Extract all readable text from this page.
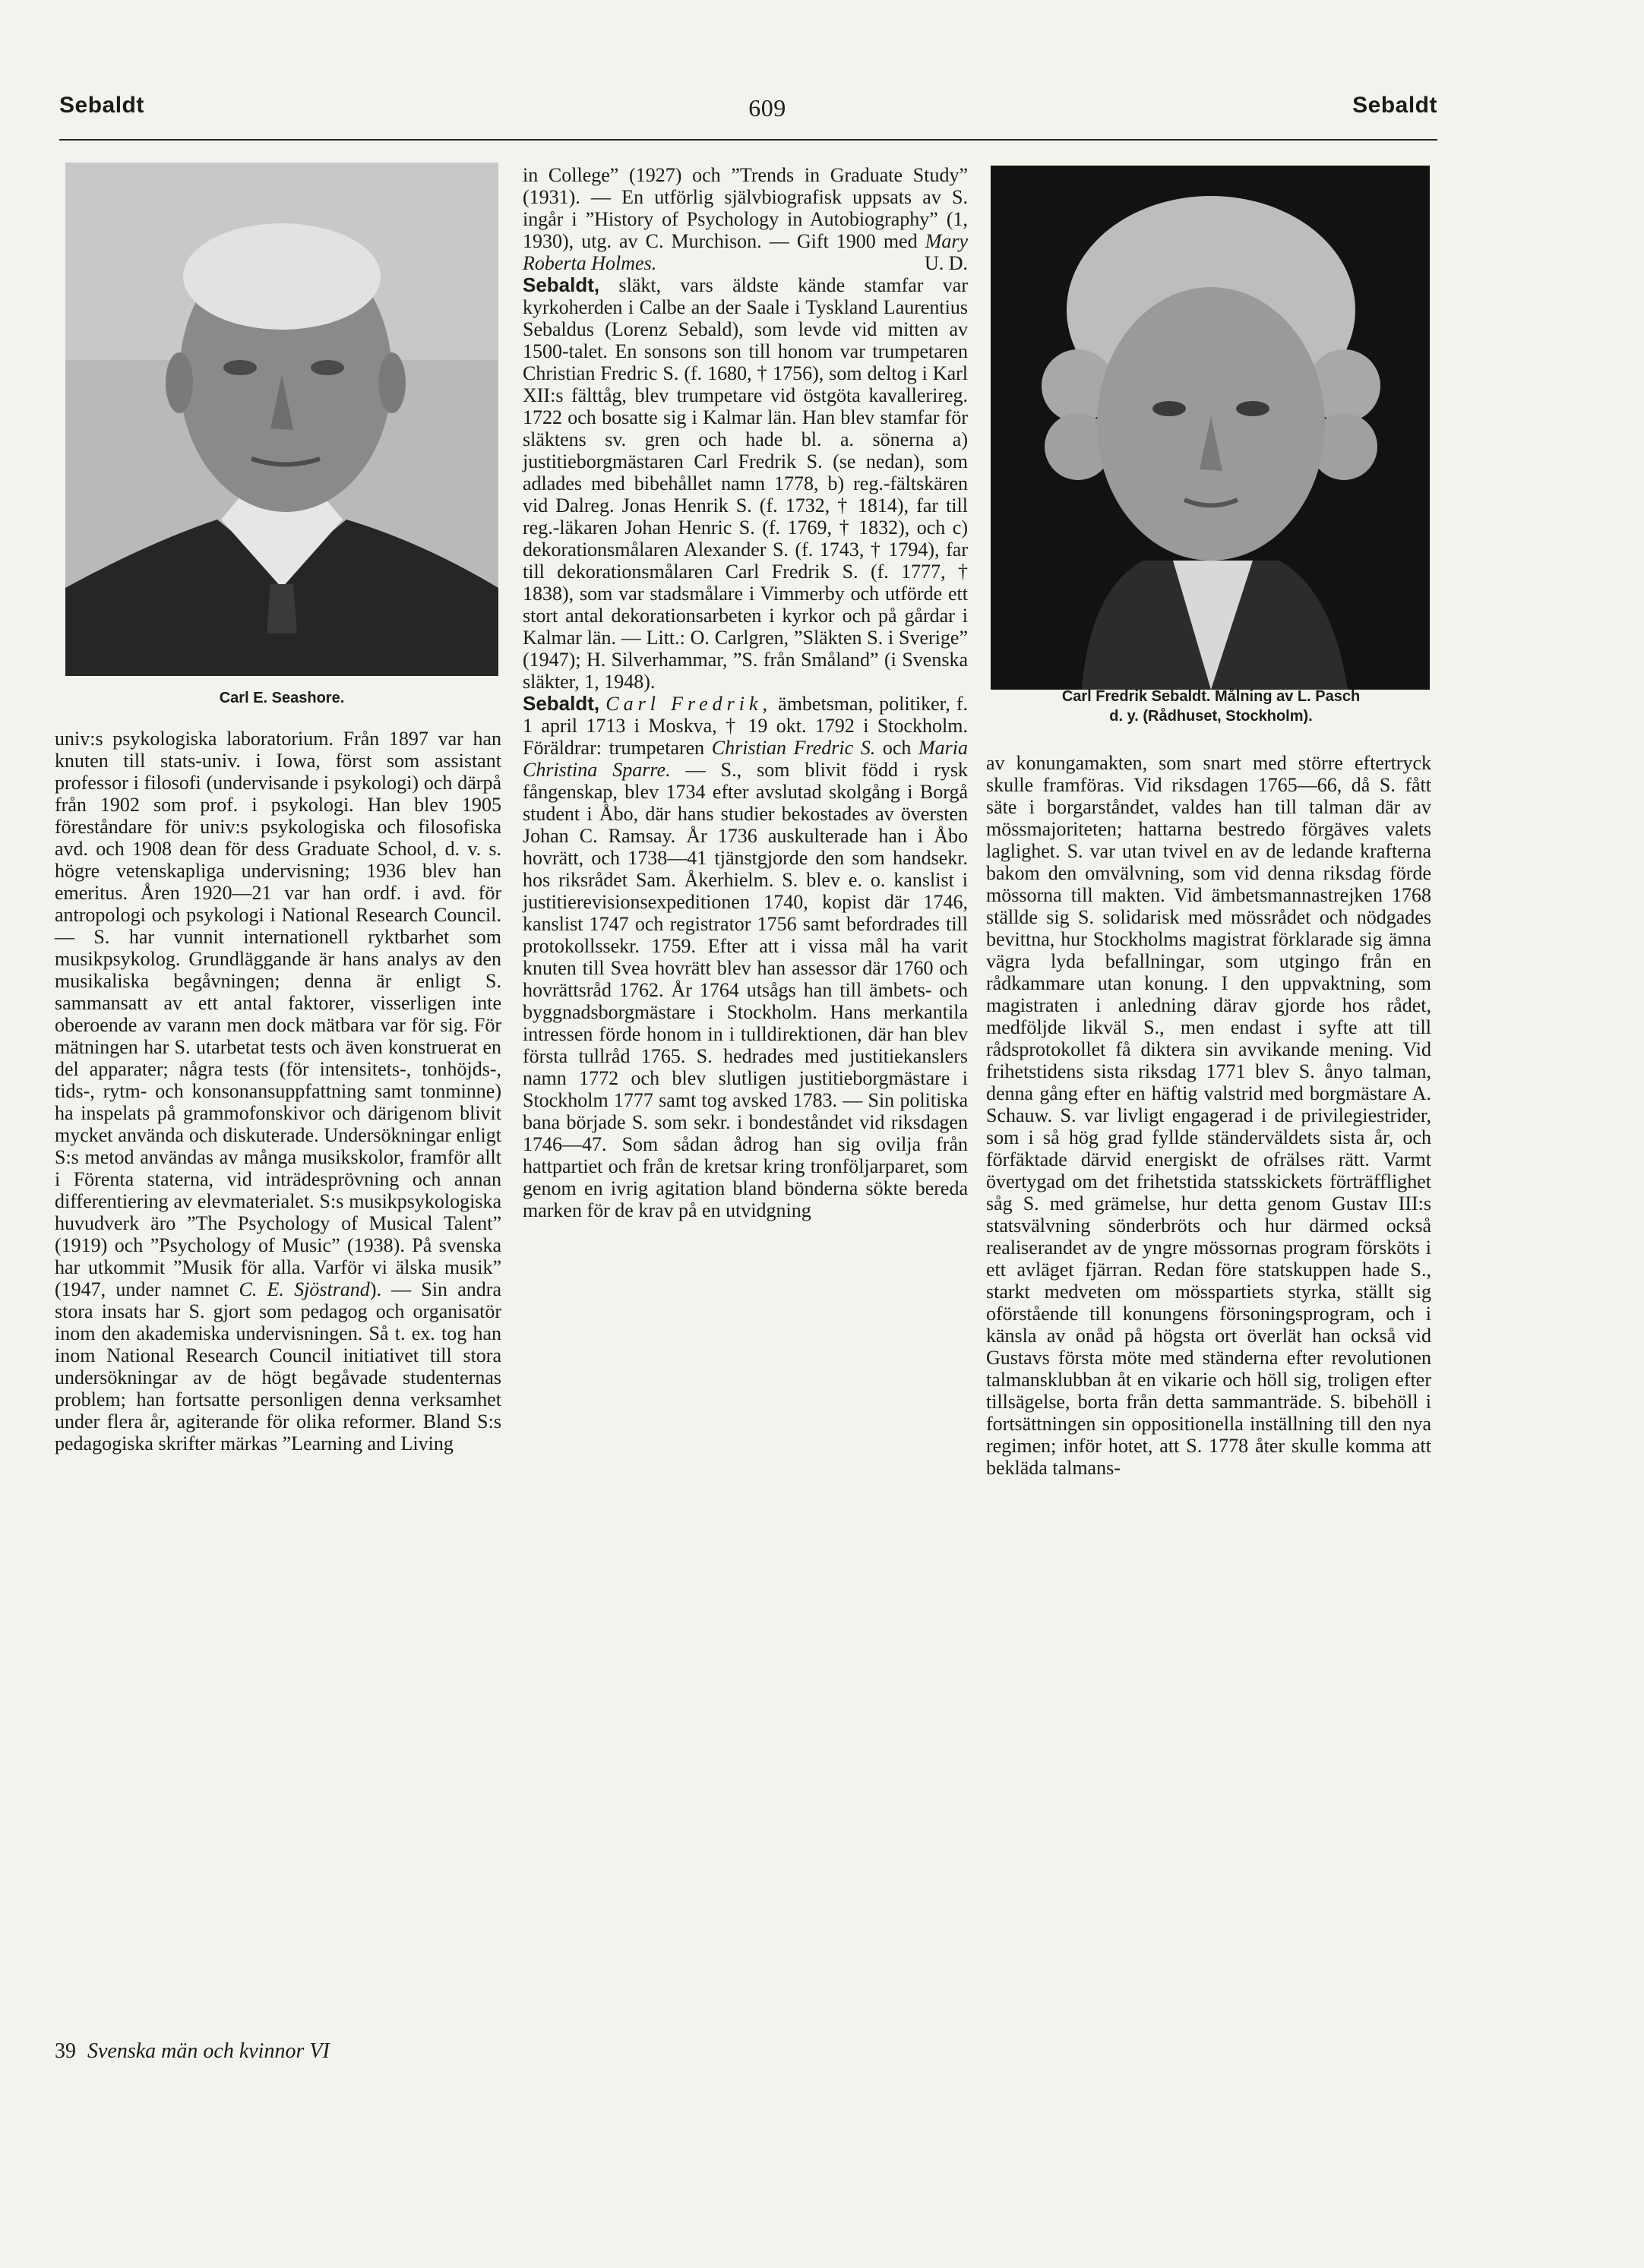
Sebaldt	609	Sebaldt
Carl E. Seashore.	Carl Fredrik Sebaldt. Målning av L. Pasch
d. y. (Rådhuset, Stockholm).

univ:s psykologiska laboratorium. Från 1897 var han knuten till stats-univ. i Iowa, först som assistant professor i filosofi (undervisande i psykologi) och därpå från 1902 som prof. i psykologi. Han blev 1905 föreståndare för univ:s psykologiska och filosofiska avd. och 1908 dean för dess Graduate School, d. v. s. högre vetenskapliga undervisning; 1936 blev han emeritus. Åren 1920—21 var han ordf. i avd. för antropologi och psykologi i National Research Council. — S. har vunnit internationell ryktbarhet som musikpsykolog. Grundläggande är hans analys av den musikaliska begåvningen; denna är enligt S. sammansatt av ett antal faktorer, visserligen inte oberoende av varann men dock mätbara var för sig. För mätningen har S. utarbetat tests och även konstruerat en del apparater; några tests (för intensitets-, tonhöjds-, tids-, rytm- och konsonansuppfattning samt tonminne) ha inspelats på grammofonskivor och därigenom blivit mycket använda och diskuterade. Undersökningar enligt S:s metod användas av många musikskolor, framför allt i Förenta staterna, vid inträdesprövning och annan differentiering av elevmaterialet. S:s musikpsykologiska huvudverk äro ”The Psychology of Musical Talent” (1919) och ”Psychology of Music” (1938). På svenska har utkommit ”Musik för alla. Varför vi älska musik” (1947, under namnet C. E. Sjöstrand). — Sin andra stora insats har S. gjort som pedagog och organisatör inom den akademiska undervisningen. Så t. ex. tog han inom National Research Council initiativet till stora undersökningar av de högt begåvade studenternas problem; han fortsatte personligen denna verksamhet under flera år, agiterande för olika reformer. Bland S:s pedagogiska skrifter märkas ”Learning and Living

in College” (1927) och ”Trends in Graduate Study” (1931). — En utförlig självbiografisk uppsats av S. ingår i ”History of Psychology in Autobiography” (1, 1930), utg. av C. Murchison. — Gift 1900 med Mary Roberta Holmes.	U. D.

Sebaldt, släkt, vars äldste kände stamfar var kyrkoherden i Calbe an der Saale i Tyskland Laurentius Sebaldus (Lorenz Sebald), som levde vid mitten av 1500-talet. En sonsons son till honom var trumpetaren Christian Fredric S. (f. 1680, † 1756), som deltog i Karl XII:s fälttåg, blev trumpetare vid östgöta kavallerireg. 1722 och bosatte sig i Kalmar län. Han blev stamfar för släktens sv. gren och hade bl. a. sönerna a) justitieborgmästaren Carl Fredrik S. (se nedan), som adlades med bibehållet namn 1778, b) reg.-fältskären vid Dalreg. Jonas Henrik S. (f. 1732, † 1814), far till reg.-läkaren Johan Henric S. (f. 1769, † 1832), och c) dekorationsmålaren Alexander S. (f. 1743, † 1794), far till dekorationsmålaren Carl Fredrik S. (f. 1777, † 1838), som var stadsmålare i Vimmerby och utförde ett stort antal dekorationsarbeten i kyrkor och på gårdar i Kalmar län. — Litt.: O. Carlgren, ”Släkten S. i Sverige” (1947); H. Silverhammar, ”S. från Småland” (i Svenska släkter, 1, 1948).

Sebaldt, Carl Fredrik, ämbetsman, politiker, f. 1 april 1713 i Moskva, † 19 okt. 1792 i Stockholm. Föräldrar: trumpetaren Christian Fredric S. och Maria Christina Sparre. — S., som blivit född i rysk fångenskap, blev 1734 efter avslutad skolgång i Borgå student i Åbo, där hans studier bekostades av översten Johan C. Ramsay. År 1736 auskulterade han i Åbo hovrätt, och 1738—41 tjänstgjorde den som handsekr. hos riksrådet Sam. Åkerhielm. S. blev e. o. kanslist i justitierevisionsexpeditionen 1740, kopist där 1746, kanslist 1747 och registrator 1756 samt befordrades till protokollssekr. 1759. Efter att i vissa mål ha varit knuten till Svea hovrätt blev han assessor där 1760 och hovrättsråd 1762. År 1764 utsågs han till ämbets- och byggnadsborgmästare i Stockholm. Hans merkantila intressen förde honom in i tulldirektionen, där han blev första tullråd 1765. S. hedrades med justitiekanslers namn 1772 och blev slutligen justitieborgmästare i Stockholm 1777 samt tog avsked 1783. — Sin politiska bana började S. som sekr. i bondeståndet vid riksdagen 1746—47. Som sådan ådrog han sig ovilja från hattpartiet och från de kretsar kring tronföljarparet, som genom en ivrig agitation bland bönderna sökte bereda marken för de krav på en utvidgning

av konungamakten, som snart med större eftertryck skulle framföras. Vid riksdagen 1765—66, då S. fått säte i borgarståndet, valdes han till talman där av mössmajoriteten; hattarna bestredo förgäves valets laglighet. S. var utan tvivel en av de ledande krafterna bakom den omvälvning, som vid denna riksdag förde mössorna till makten. Vid ämbetsmannastrejken 1768 ställde sig S. solidarisk med mössrådet och nödgades bevittna, hur Stockholms magistrat förklarade sig ämna vägra lyda befallningar, som utgingo från en rådkammare utan konung. I den uppvaktning, som magistraten i anledning därav gjorde hos rådet, medföljde likväl S., men endast i syfte att till rådsprotokollet få diktera sin avvikande mening. Vid frihetstidens sista riksdag 1771 blev S. ånyo talman, denna gång efter en häftig valstrid med borgmästare A. Schauw. S. var livligt engagerad i de privilegiestrider, som i så hög grad fyllde ständerväldets sista år, och förfäktade därvid energiskt de ofrälses rätt. Varmt övertygad om det frihetstida statsskickets förträfflighet såg S. med grämelse, hur detta genom Gustav III:s statsvälvning sönderbröts och hur därmed också realiserandet av de yngre mössornas program försköts i ett avläget fjärran. Redan före statskuppen hade S., starkt medveten om mösspartiets styrka, ställt sig oförstående till konungens försoningsprogram, och i känsla av onåd på högsta ort överlät han också vid Gustavs första möte med ständerna efter revolutionen talmansklubban åt en vikarie och höll sig, troligen efter tillsägelse, borta från detta sammanträde. S. bibehöll i fortsättningen sin oppositionella inställning till den nya regimen; inför hotet, att S. 1778 åter skulle komma att bekläda talmans-

39 Svenska män och kvinnor VI
